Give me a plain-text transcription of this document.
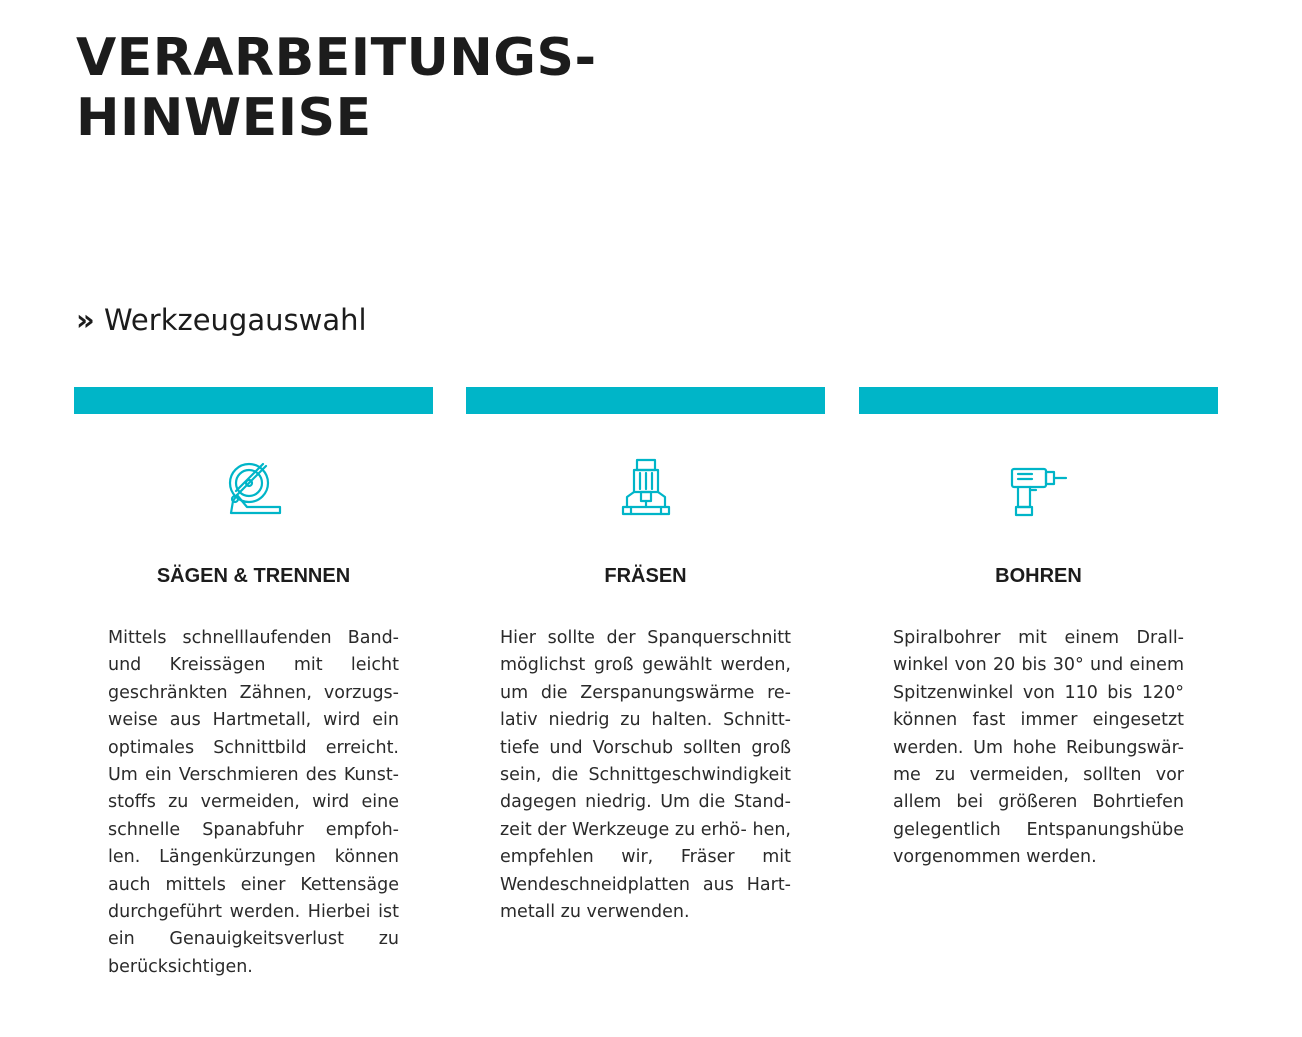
VERARBEITUNGS-
HINWEISE
» Werkzeugauswahl
SÄGEN & TRENNEN

Mittels schnelllaufenden Band- und Kreissägen mit leicht geschränkten Zähnen, vorzugs- weise aus Hartmetall, wird ein optimales Schnittbild erreicht. Um ein Verschmieren des Kunst- stoffs zu vermeiden, wird eine schnelle Spanabfuhr empfoh- len. Längenkürzungen können auch mittels einer Kettensäge durchgeführt werden. Hierbei ist ein Genauigkeitsverlust zu berücksichtigen.

FRÄSEN

Hier sollte der Spanquerschnitt möglichst groß gewählt werden, um die Zerspanungswärme re- lativ niedrig zu halten. Schnitt- tiefe und Vorschub sollten groß sein, die Schnittgeschwindigkeit dagegen niedrig. Um die Stand- zeit der Werkzeuge zu erhö- hen, empfehlen wir, Fräser mit Wendeschneidplatten aus Hart- metall zu verwenden.

BOHREN

Spiralbohrer mit einem Drall- winkel von 20 bis 30° und einem Spitzenwinkel von 110 bis 120° können fast immer eingesetzt werden. Um hohe Reibungswär- me zu vermeiden, sollten vor allem bei größeren Bohrtiefen gelegentlich Entspanungshübe vorgenommen werden.
